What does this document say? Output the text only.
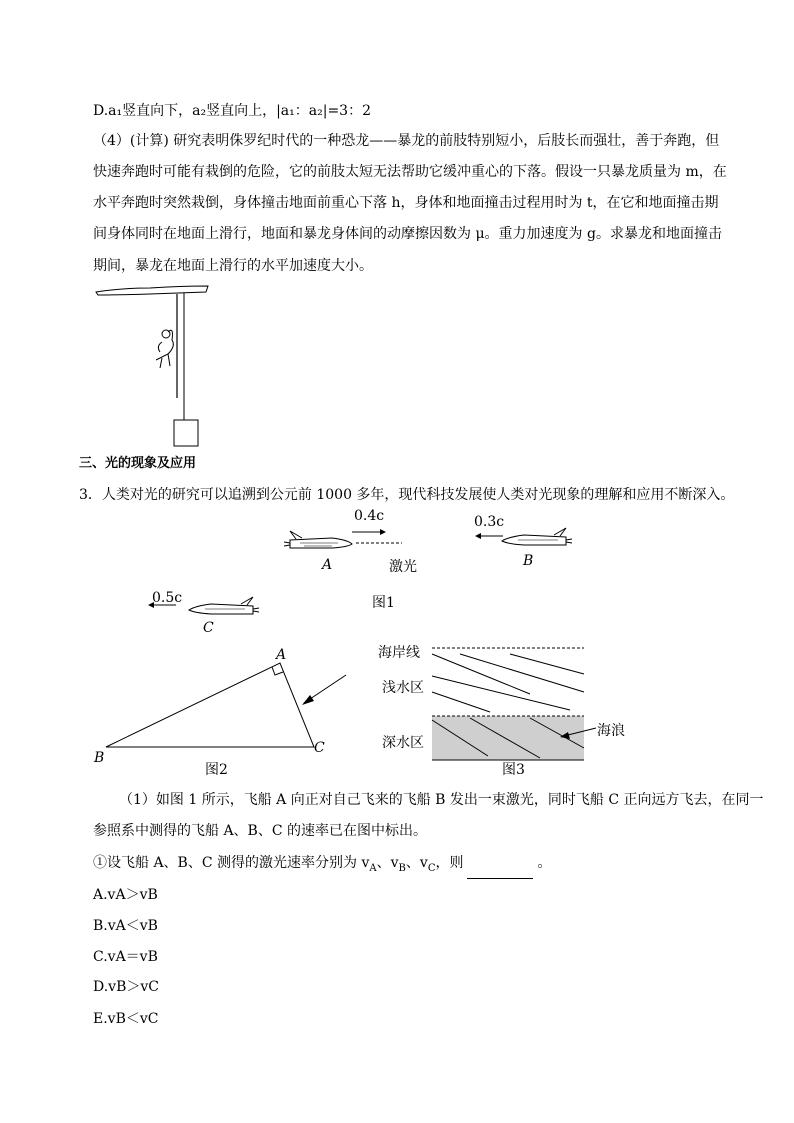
D.a₁竖直向下，a₂竖直向上，|a₁：a₂|=3：2
（4）(计算) 研究表明侏罗纪时代的一种恐龙——暴龙的前肢特别短小，后肢长而强壮，善于奔跑，但
快速奔跑时可能有栽倒的危险，它的前肢太短无法帮助它缓冲重心的下落。假设一只暴龙质量为 m，在
水平奔跑时突然栽倒，身体撞击地面前重心下落 h，身体和地面撞击过程用时为 t，在它和地面撞击期
间身体同时在地面上滑行，地面和暴龙身体间的动摩擦因数为 μ。重力加速度为 g。求暴龙和地面撞击
期间，暴龙在地面上滑行的水平加速度大小。
三、光的现象及应用
3．人类对光的研究可以追溯到公元前 1000 多年，现代科技发展使人类对光现象的理解和应用不断深入。
0.4c
A	激光
0.3c
B
图1
0.5c
C
A
B
C
图2
海岸线
浅水区
深水区
海浪
图3
（1）如图 1 所示，飞船 A 向正对自己飞来的飞船 B 发出一束激光，同时飞船 C 正向远方飞去，在同一
参照系中测得的飞船 A、B、C 的速率已在图中标出。
①设飞船 A、B、C 测得的激光速率分别为 $v_A$、$v_B$、$v_C$，则	。
A.vA＞vB
B.vA＜vB
C.vA＝vB
D.vB＞vC
E.vB＜vC
